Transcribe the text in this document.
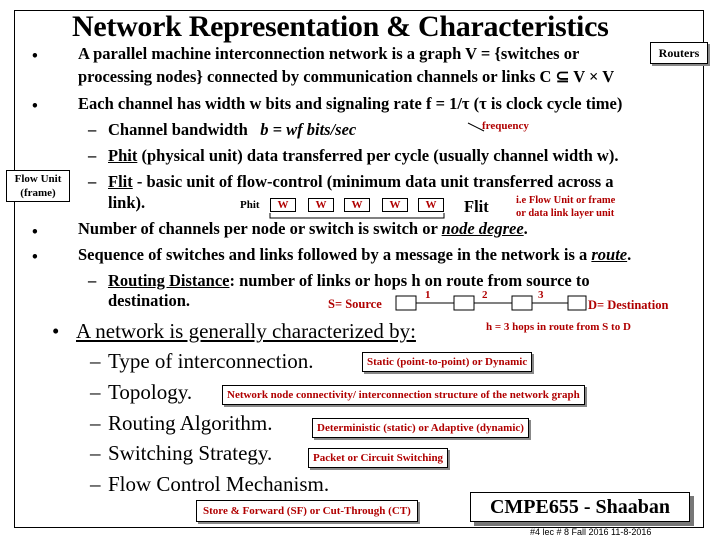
Network Representation & Characteristics
Routers
• A parallel machine interconnection network is a graph V = {switches or
processing nodes} connected by communication channels or links C ⊆ V × V
• Each channel has width w bits and signaling rate f = 1/τ (τ is clock cycle time)
– Channel bandwidth b = wf bits/sec	frequency
– Phit (physical unit) data transferred per cycle (usually channel width w).
Flow Unit
(frame)
– Flit - basic unit of flow-control (minimum data unit transferred across a
link).	Phit	W	W	W	W	W	Flit	i.e Flow Unit or frame
or data link layer unit
• Number of channels per node or switch is switch or node degree.
• Sequence of switches and links followed by a message in the network is a route.
– Routing Distance: number of links or hops h on route from source to
destination.	S= Source
1	2	3
D= Destination
h = 3 hops in route from S to D
• A network is generally characterized by:
– Type of interconnection.	Static (point-to-point) or Dynamic
– Topology.	Network node connectivity/ interconnection structure of the network graph
– Routing Algorithm.	Deterministic (static) or Adaptive (dynamic)
– Switching Strategy.	Packet or Circuit Switching
– Flow Control Mechanism.
Store & Forward (SF) or Cut-Through (CT)	CMPE655 - Shaaban
#4 lec # 8 Fall 2016 11-8-2016
